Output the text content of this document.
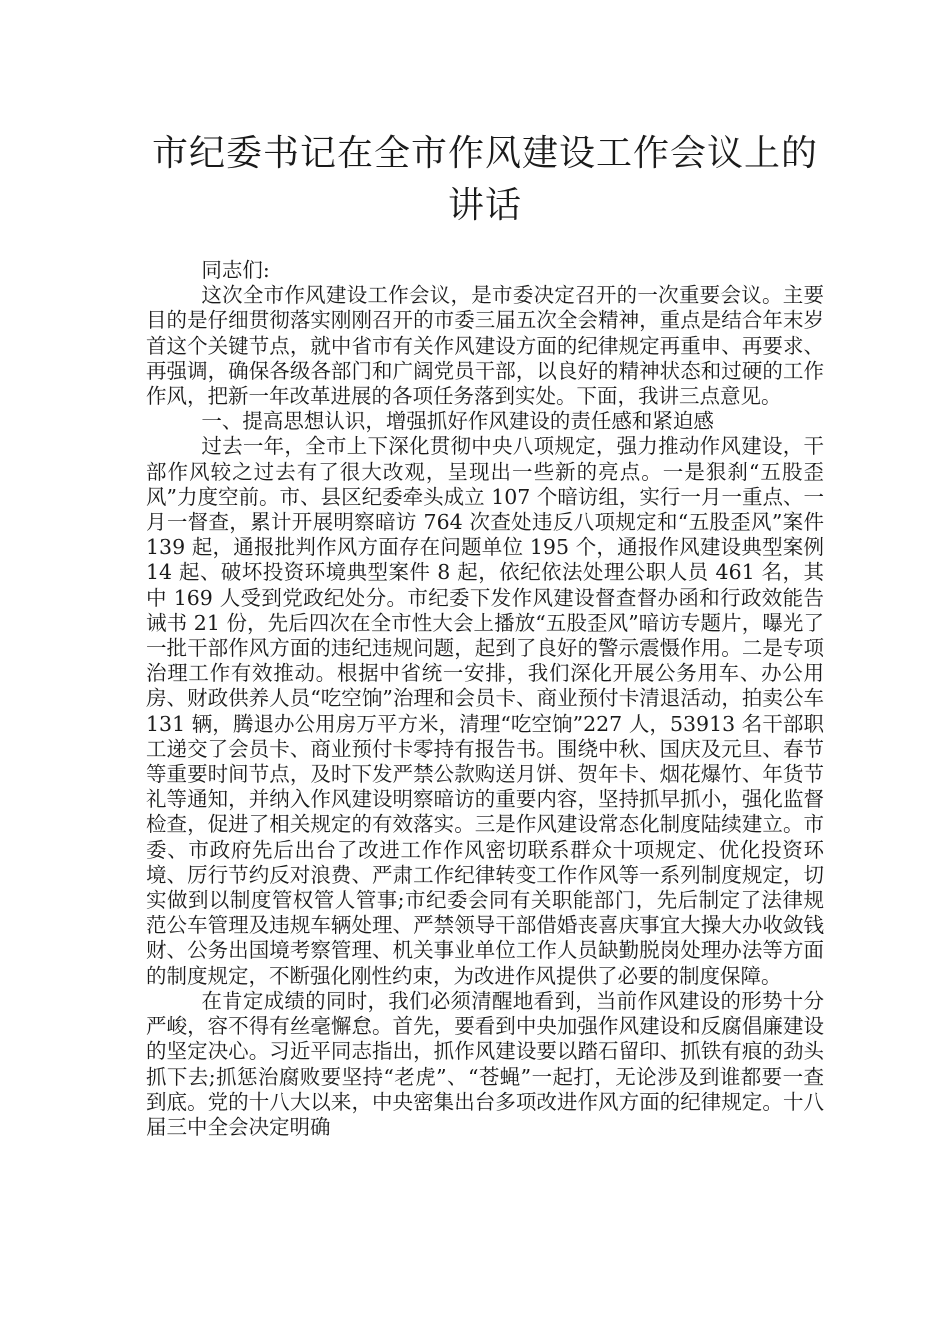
市纪委书记在全市作风建设工作会议上的
讲话

同志们:

这次全市作风建设工作会议，是市委决定召开的一次重要会议。主要目的是仔细贯彻落实刚刚召开的市委三届五次全会精神，重点是结合年末岁首这个关键节点，就中省市有关作风建设方面的纪律规定再重申、再要求、再强调，确保各级各部门和广阔党员干部，以良好的精神状态和过硬的工作作风，把新一年改革进展的各项任务落到实处。下面，我讲三点意见。

一、提高思想认识，增强抓好作风建设的责任感和紧迫感

过去一年，全市上下深化贯彻中央八项规定，强力推动作风建设，干部作风较之过去有了很大改观，呈现出一些新的亮点。一是狠刹“五股歪风”力度空前。市、县区纪委牵头成立 107 个暗访组，实行一月一重点、一月一督查，累计开展明察暗访 764 次查处违反八项规定和“五股歪风”案件 139 起，通报批判作风方面存在问题单位 195 个，通报作风建设典型案例 14 起、破坏投资环境典型案件 8 起，依纪依法处理公职人员 461 名，其中 169 人受到党政纪处分。市纪委下发作风建设督查督办函和行政效能告诫书 21 份，先后四次在全市性大会上播放“五股歪风”暗访专题片，曝光了一批干部作风方面的违纪违规问题，起到了良好的警示震慑作用。二是专项治理工作有效推动。根据中省统一安排，我们深化开展公务用车、办公用房、财政供养人员“吃空饷”治理和会员卡、商业预付卡清退活动，拍卖公车 131 辆，腾退办公用房万平方米，清理“吃空饷”227 人，53913 名干部职工递交了会员卡、商业预付卡零持有报告书。围绕中秋、国庆及元旦、春节等重要时间节点，及时下发严禁公款购送月饼、贺年卡、烟花爆竹、年货节礼等通知，并纳入作风建设明察暗访的重要内容，坚持抓早抓小，强化监督检查，促进了相关规定的有效落实。三是作风建设常态化制度陆续建立。市委、市政府先后出台了改进工作作风密切联系群众十项规定、优化投资环境、厉行节约反对浪费、严肃工作纪律转变工作作风等一系列制度规定，切实做到以制度管权管人管事;市纪委会同有关职能部门，先后制定了法律规范公车管理及违规车辆处理、严禁领导干部借婚丧喜庆事宜大操大办收敛钱财、公务出国境考察管理、机关事业单位工作人员缺勤脱岗处理办法等方面的制度规定，不断强化刚性约束，为改进作风提供了必要的制度保障。

在肯定成绩的同时，我们必须清醒地看到，当前作风建设的形势十分严峻，容不得有丝毫懈怠。首先，要看到中央加强作风建设和反腐倡廉建设的坚定决心。习近平同志指出，抓作风建设要以踏石留印、抓铁有痕的劲头抓下去;抓惩治腐败要坚持“老虎”、“苍蝇”一起打，无论涉及到谁都要一查到底。党的十八大以来，中央密集出台多项改进作风方面的纪律规定。十八届三中全会决定明确
